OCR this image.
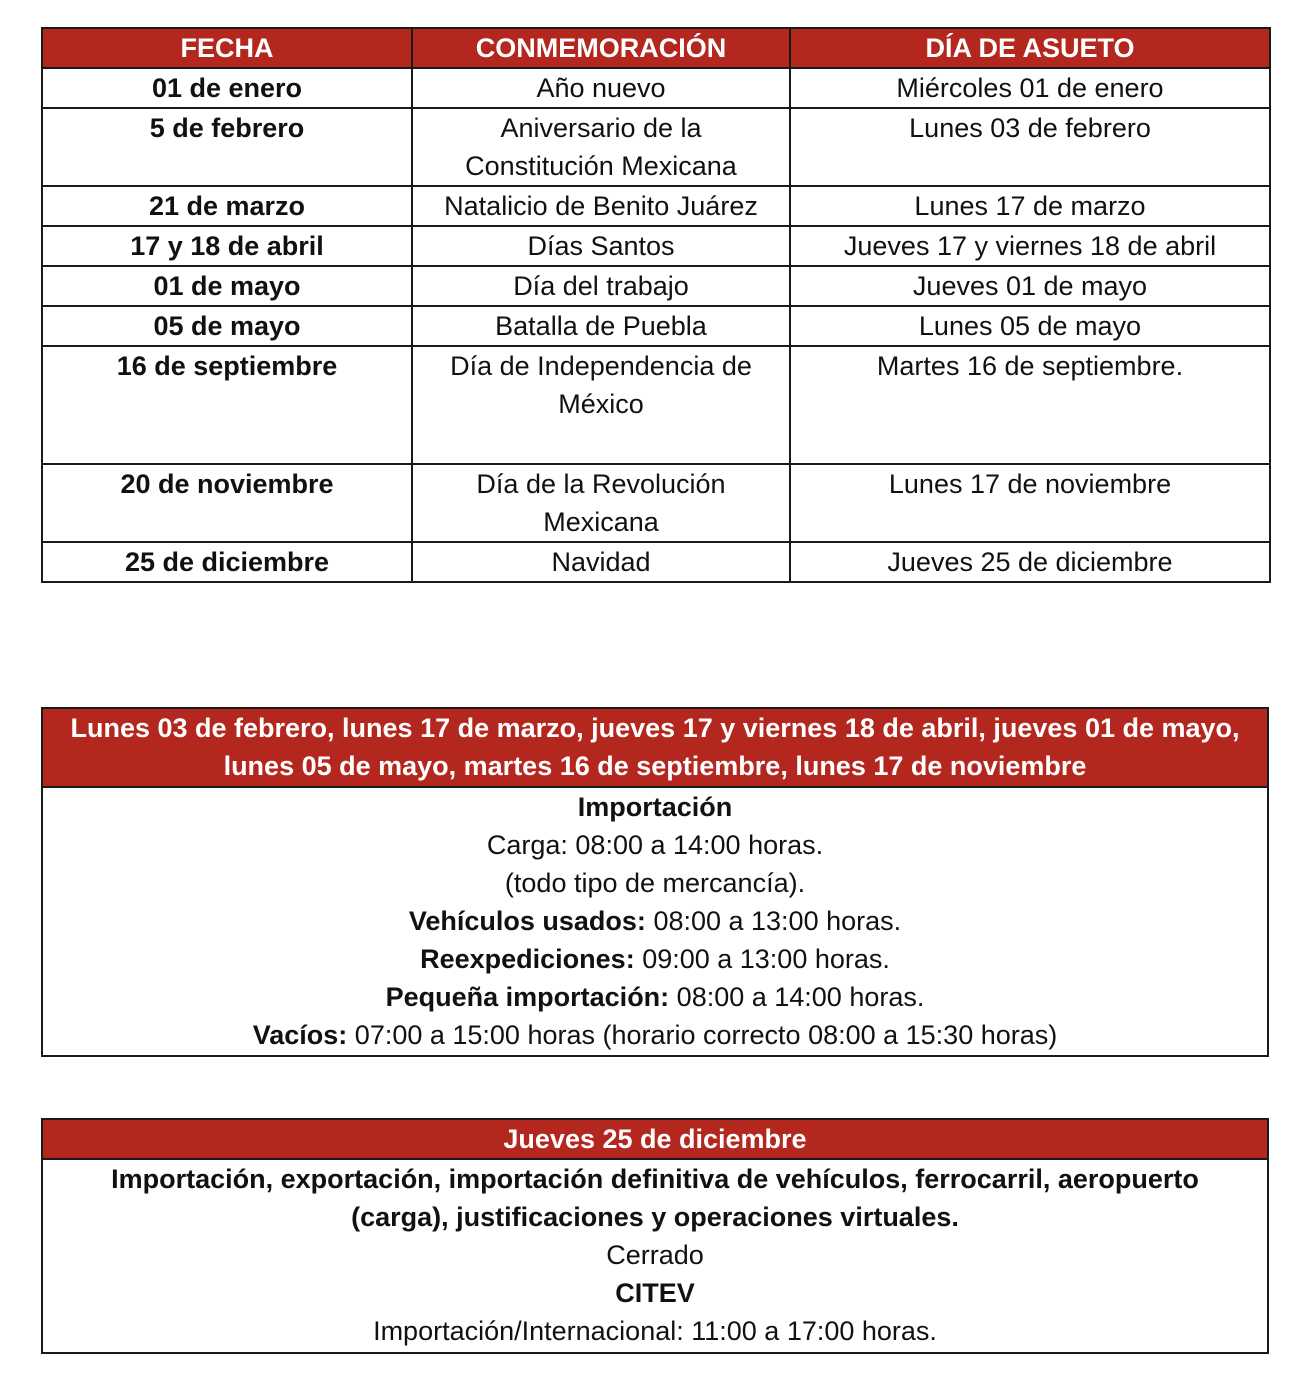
FECHA	CONMEMORACIÓN	DÍA DE ASUETO
01 de enero	Año nuevo	Miércoles 01 de enero
5 de febrero	Aniversario de la Constitución Mexicana	Lunes 03 de febrero
21 de marzo	Natalicio de Benito Juárez	Lunes 17 de marzo
17 y 18 de abril	Días Santos	Jueves 17 y viernes 18 de abril
01 de mayo	Día del trabajo	Jueves 01 de mayo
05 de mayo	Batalla de Puebla	Lunes 05 de mayo
16 de septiembre	Día de Independencia de México	Martes 16 de septiembre.
20 de noviembre	Día de la Revolución Mexicana	Lunes 17 de noviembre
25 de diciembre	Navidad	Jueves 25 de diciembre
Lunes 03 de febrero, lunes 17 de marzo, jueves 17 y viernes 18 de abril, jueves 01 de mayo,
lunes 05 de mayo, martes 16 de septiembre, lunes 17 de noviembre
Importación
Carga: 08:00 a 14:00 horas.
(todo tipo de mercancía).
Vehículos usados: 08:00 a 13:00 horas.
Reexpediciones: 09:00 a 13:00 horas.
Pequeña importación: 08:00 a 14:00 horas.
Vacíos: 07:00 a 15:00 horas (horario correcto 08:00 a 15:30 horas)
Jueves 25 de diciembre
Importación, exportación, importación definitiva de vehículos, ferrocarril, aeropuerto
(carga), justificaciones y operaciones virtuales.
Cerrado
CITEV
Importación/Internacional: 11:00 a 17:00 horas.
